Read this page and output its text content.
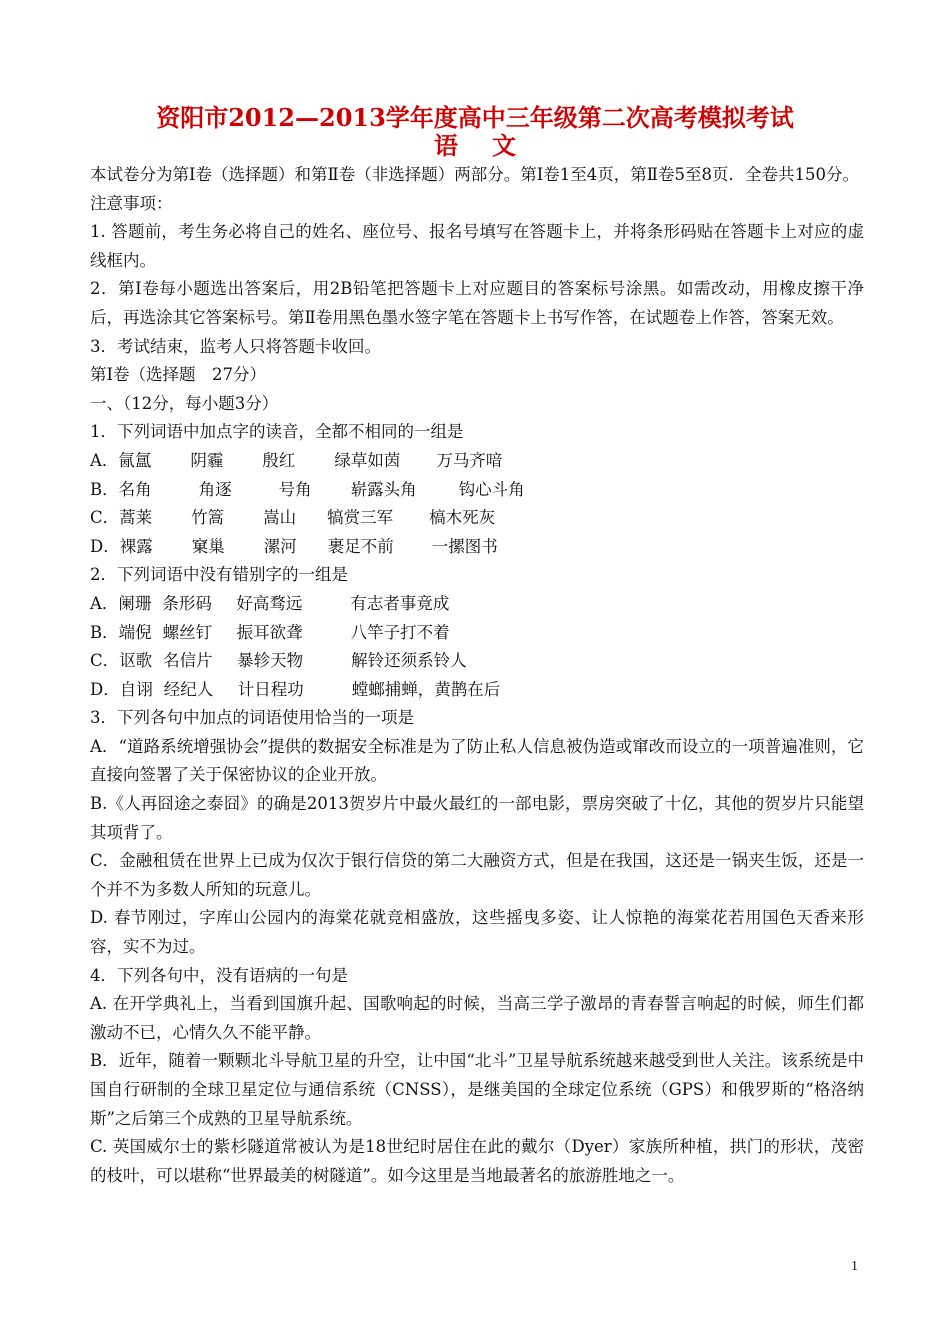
资阳市2012—2013学年度高中三年级第二次高考模拟考试
语文

本试卷分为第Ⅰ卷（选择题）和第Ⅱ卷（非选择题）两部分。第Ⅰ卷1至4页，第Ⅱ卷5至8页．全卷共150分。

注意事项：

1. 答题前，考生务必将自己的姓名、座位号、报名号填写在答题卡上，并将条形码贴在答题卡上对应的虚线框内。

2．第Ⅰ卷每小题选出答案后，用2B铅笔把答题卡上对应题目的答案标号涂黑。如需改动，用橡皮擦干净后，再选涂其它答案标号。第Ⅱ卷用黑色墨水签字笔在答题卡上书写作答，在试题卷上作答，答案无效。

3．考试结束，监考人只将答题卡收回。

第Ⅰ卷（选择题　27分）

一、（12分，每小题3分）

1．下列词语中加点字的读音，全都不相同的一组是

A．氤氲 阴霾 殷红 绿草如茵 万马齐喑

B．名角	角逐	号角 崭露头角	钩心斗角

C．蒿莱 竹篙 嵩山 犒赏三军 槁木死灰

D．裸露 窠巢 漯河 裹足不前 一摞图书

2．下列词语中没有错别字的一组是

A．阑珊 条形码 好高骛远	有志者事竟成

B．端倪 螺丝钉 振耳欲聋	八竿子打不着

C．讴歌 名信片 暴轸天物	解铃还须系铃人

D．自诩 经纪人 计日程功	螳螂捕蝉，黄鹊在后

3．下列各句中加点的词语使用恰当的一项是

A．“道路系统增强协会”提供的数据安全标准是为了防止私人信息被伪造或窜改而设立的一项普遍准则，它直接向签署了关于保密协议的企业开放。

B.《人再囧途之泰囧》的确是2013贺岁片中最火最红的一部电影，票房突破了十亿，其他的贺岁片只能望其项背了。

C．金融租赁在世界上已成为仅次于银行信贷的第二大融资方式，但是在我国，这还是一锅夹生饭，还是一个并不为多数人所知的玩意儿。

D. 春节刚过，字库山公园内的海棠花就竞相盛放，这些摇曳多姿、让人惊艳的海棠花若用国色天香来形容，实不为过。

4．下列各句中，没有语病的一句是

A. 在开学典礼上，当看到国旗升起、国歌响起的时候，当高三学子激昂的青春誓言响起的时候，师生们都激动不已，心情久久不能平静。

B．近年，随着一颗颗北斗导航卫星的升空，让中国“北斗”卫星导航系统越来越受到世人关注。该系统是中国自行研制的全球卫星定位与通信系统（CNSS），是继美国的全球定位系统（GPS）和俄罗斯的“格洛纳斯”之后第三个成熟的卫星导航系统。

C. 英国威尔士的紫杉隧道常被认为是18世纪时居住在此的戴尔（Dyer）家族所种植，拱门的形状，茂密的枝叶，可以堪称“世界最美的树隧道”。如今这里是当地最著名的旅游胜地之一。

1
